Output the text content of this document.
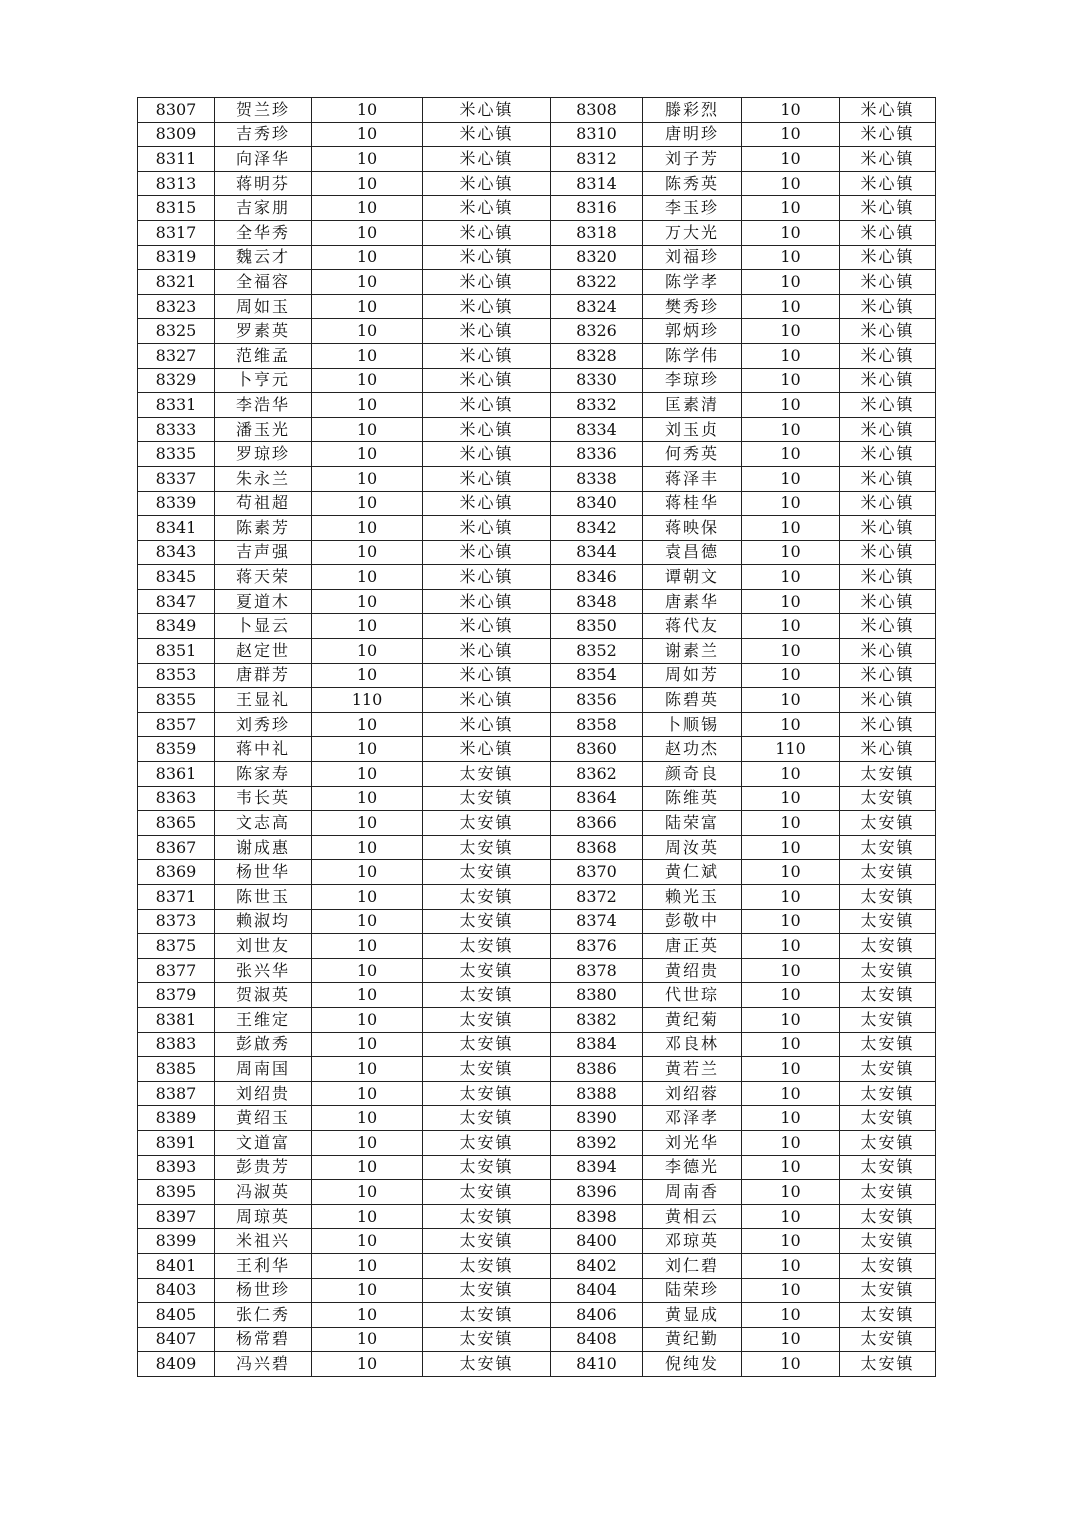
8307	贺兰珍	10	米心镇	8308	滕彩烈	10	米心镇
8309	吉秀珍	10	米心镇	8310	唐明珍	10	米心镇
8311	向泽华	10	米心镇	8312	刘子芳	10	米心镇
8313	蒋明芬	10	米心镇	8314	陈秀英	10	米心镇
8315	吉家朋	10	米心镇	8316	李玉珍	10	米心镇
8317	全华秀	10	米心镇	8318	万大光	10	米心镇
8319	魏云才	10	米心镇	8320	刘福珍	10	米心镇
8321	全福容	10	米心镇	8322	陈学孝	10	米心镇
8323	周如玉	10	米心镇	8324	樊秀珍	10	米心镇
8325	罗素英	10	米心镇	8326	郭炳珍	10	米心镇
8327	范维孟	10	米心镇	8328	陈学伟	10	米心镇
8329	卜亨元	10	米心镇	8330	李琼珍	10	米心镇
8331	李浩华	10	米心镇	8332	匡素清	10	米心镇
8333	潘玉光	10	米心镇	8334	刘玉贞	10	米心镇
8335	罗琼珍	10	米心镇	8336	何秀英	10	米心镇
8337	朱永兰	10	米心镇	8338	蒋泽丰	10	米心镇
8339	苟祖超	10	米心镇	8340	蒋桂华	10	米心镇
8341	陈素芳	10	米心镇	8342	蒋映保	10	米心镇
8343	吉声强	10	米心镇	8344	袁昌德	10	米心镇
8345	蒋天荣	10	米心镇	8346	谭朝文	10	米心镇
8347	夏道木	10	米心镇	8348	唐素华	10	米心镇
8349	卜显云	10	米心镇	8350	蒋代友	10	米心镇
8351	赵定世	10	米心镇	8352	谢素兰	10	米心镇
8353	唐群芳	10	米心镇	8354	周如芳	10	米心镇
8355	王显礼	110	米心镇	8356	陈碧英	10	米心镇
8357	刘秀珍	10	米心镇	8358	卜顺锡	10	米心镇
8359	蒋中礼	10	米心镇	8360	赵功杰	110	米心镇
8361	陈家寿	10	太安镇	8362	颜奇良	10	太安镇
8363	韦长英	10	太安镇	8364	陈维英	10	太安镇
8365	文志高	10	太安镇	8366	陆荣富	10	太安镇
8367	谢成惠	10	太安镇	8368	周汝英	10	太安镇
8369	杨世华	10	太安镇	8370	黄仁斌	10	太安镇
8371	陈世玉	10	太安镇	8372	赖光玉	10	太安镇
8373	赖淑均	10	太安镇	8374	彭敬中	10	太安镇
8375	刘世友	10	太安镇	8376	唐正英	10	太安镇
8377	张兴华	10	太安镇	8378	黄绍贵	10	太安镇
8379	贺淑英	10	太安镇	8380	代世琮	10	太安镇
8381	王维定	10	太安镇	8382	黄纪菊	10	太安镇
8383	彭啟秀	10	太安镇	8384	邓良林	10	太安镇
8385	周南国	10	太安镇	8386	黄若兰	10	太安镇
8387	刘绍贵	10	太安镇	8388	刘绍蓉	10	太安镇
8389	黄绍玉	10	太安镇	8390	邓泽孝	10	太安镇
8391	文道富	10	太安镇	8392	刘光华	10	太安镇
8393	彭贵芳	10	太安镇	8394	李德光	10	太安镇
8395	冯淑英	10	太安镇	8396	周南香	10	太安镇
8397	周琼英	10	太安镇	8398	黄相云	10	太安镇
8399	米祖兴	10	太安镇	8400	邓琼英	10	太安镇
8401	王利华	10	太安镇	8402	刘仁碧	10	太安镇
8403	杨世珍	10	太安镇	8404	陆荣珍	10	太安镇
8405	张仁秀	10	太安镇	8406	黄显成	10	太安镇
8407	杨常碧	10	太安镇	8408	黄纪勤	10	太安镇
8409	冯兴碧	10	太安镇	8410	倪纯发	10	太安镇
